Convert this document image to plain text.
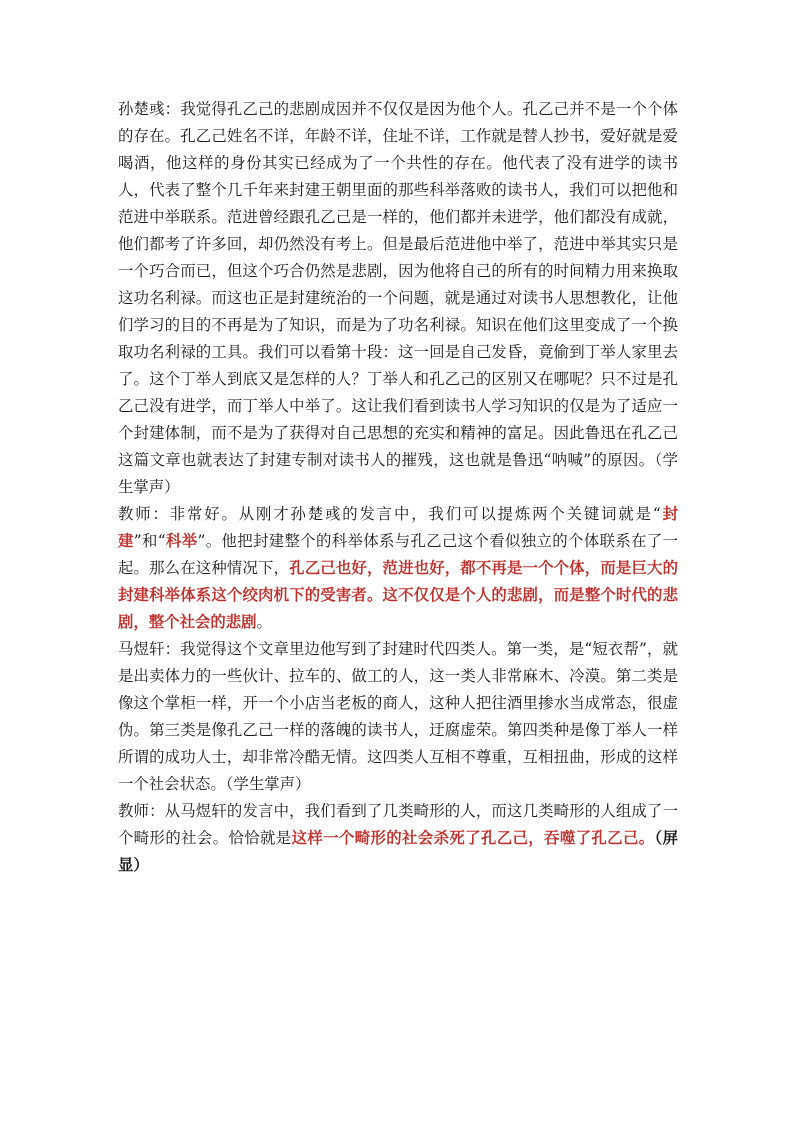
孙楚彧：我觉得孔乙己的悲剧成因并不仅仅是因为他个人。孔乙己并不是一个个体的存在。孔乙己姓名不详，年龄不详，住址不详，工作就是替人抄书，爱好就是爱喝酒，他这样的身份其实已经成为了一个共性的存在。他代表了没有进学的读书人，代表了整个几千年来封建王朝里面的那些科举落败的读书人，我们可以把他和范进中举联系。范进曾经跟孔乙己是一样的，他们都并未进学，他们都没有成就，他们都考了许多回，却仍然没有考上。但是最后范进他中举了，范进中举其实只是一个巧合而已，但这个巧合仍然是悲剧，因为他将自己的所有的时间精力用来换取这功名利禄。而这也正是封建统治的一个问题，就是通过对读书人思想教化，让他们学习的目的不再是为了知识，而是为了功名利禄。知识在他们这里变成了一个换取功名利禄的工具。我们可以看第十段：这一回是自己发昏，竟偷到丁举人家里去了。这个丁举人到底又是怎样的人？丁举人和孔乙己的区别又在哪呢？只不过是孔乙己没有进学，而丁举人中举了。这让我们看到读书人学习知识的仅是为了适应一个封建体制，而不是为了获得对自己思想的充实和精神的富足。因此鲁迅在孔乙己这篇文章也就表达了封建专制对读书人的摧残，这也就是鲁迅“呐喊”的原因。（学生掌声）

教师：非常好。从刚才孙楚彧的发言中，我们可以提炼两个关键词就是“封建”和“科举”。他把封建整个的科举体系与孔乙己这个看似独立的个体联系在了一起。那么在这种情况下，孔乙己也好，范进也好，都不再是一个个体，而是巨大的封建科举体系这个绞肉机下的受害者。这不仅仅是个人的悲剧，而是整个时代的悲剧，整个社会的悲剧。

马煜轩：我觉得这个文章里边他写到了封建时代四类人。第一类，是“短衣帮”，就是出卖体力的一些伙计、拉车的、做工的人，这一类人非常麻木、冷漠。第二类是像这个掌柜一样，开一个小店当老板的商人，这种人把往酒里掺水当成常态，很虚伪。第三类是像孔乙己一样的落魄的读书人，迂腐虚荣。第四类种是像丁举人一样所谓的成功人士，却非常冷酷无情。这四类人互相不尊重，互相扭曲，形成的这样一个社会状态。（学生掌声）

教师：从马煜轩的发言中，我们看到了几类畸形的人，而这几类畸形的人组成了一个畸形的社会。恰恰就是这样一个畸形的社会杀死了孔乙己，吞噬了孔乙己。（屏显）
